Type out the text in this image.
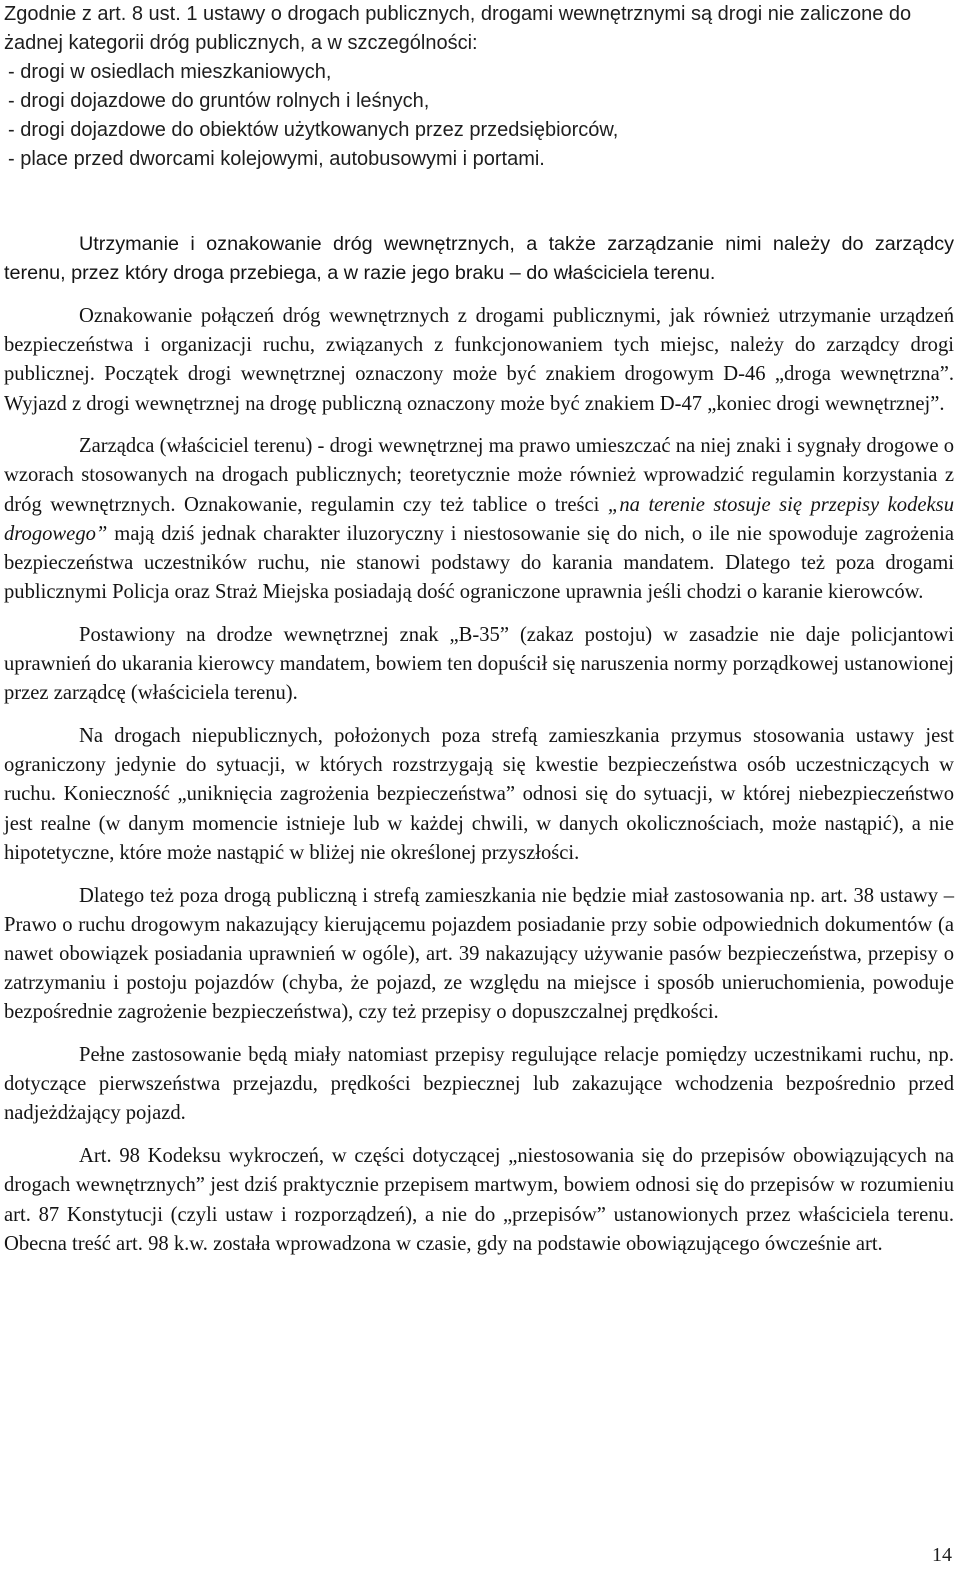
Zgodnie z art. 8 ust. 1 ustawy o drogach publicznych, drogami wewnętrznymi są drogi nie zaliczone do żadnej kategorii dróg publicznych, a w szczególności:

- drogi w osiedlach mieszkaniowych,

- drogi dojazdowe do gruntów rolnych i leśnych,

- drogi dojazdowe do obiektów użytkowanych przez przedsiębiorców,

- place przed dworcami kolejowymi, autobusowymi i portami.

Utrzymanie i oznakowanie dróg wewnętrznych, a także zarządzanie nimi należy do zarządcy terenu, przez który droga przebiega, a w razie jego braku – do właściciela terenu.

Oznakowanie połączeń dróg wewnętrznych z drogami publicznymi, jak również utrzymanie urządzeń bezpieczeństwa i organizacji ruchu, związanych z funkcjonowaniem tych miejsc, należy do zarządcy drogi publicznej. Początek drogi wewnętrznej oznaczony może być znakiem drogowym D-46 „droga wewnętrzna”. Wyjazd z drogi wewnętrznej na drogę publiczną oznaczony może być znakiem D-47 „koniec drogi wewnętrznej”.

Zarządca (właściciel terenu) - drogi wewnętrznej ma prawo umieszczać na niej znaki i sygnały drogowe o wzorach stosowanych na drogach publicznych; teoretycznie może również wprowadzić regulamin korzystania z dróg wewnętrznych. Oznakowanie, regulamin czy też tablice o treści „na terenie stosuje się przepisy kodeksu drogowego” mają dziś jednak charakter iluzoryczny i niestosowanie się do nich, o ile nie spowoduje zagrożenia bezpieczeństwa uczestników ruchu, nie stanowi podstawy do karania mandatem. Dlatego też poza drogami publicznymi Policja oraz Straż Miejska posiadają dość ograniczone uprawnia jeśli chodzi o karanie kierowców.

Postawiony na drodze wewnętrznej znak „B-35” (zakaz postoju) w zasadzie nie daje policjantowi uprawnień do ukarania kierowcy mandatem, bowiem ten dopuścił się naruszenia normy porządkowej ustanowionej przez zarządcę (właściciela terenu).

Na drogach niepublicznych, położonych poza strefą zamieszkania przymus stosowania ustawy jest ograniczony jedynie do sytuacji, w których rozstrzygają się kwestie bezpieczeństwa osób uczestniczących w ruchu. Konieczność „uniknięcia zagrożenia bezpieczeństwa” odnosi się do sytuacji, w której niebezpieczeństwo jest realne (w danym momencie istnieje lub w każdej chwili, w danych okolicznościach, może nastąpić), a nie hipotetyczne, które może nastąpić w bliżej nie określonej przyszłości.

Dlatego też poza drogą publiczną i strefą zamieszkania nie będzie miał zastosowania np. art. 38 ustawy – Prawo o ruchu drogowym nakazujący kierującemu pojazdem posiadanie przy sobie odpowiednich dokumentów (a nawet obowiązek posiadania uprawnień w ogóle), art. 39 nakazujący używanie pasów bezpieczeństwa, przepisy o zatrzymaniu i postoju pojazdów (chyba, że pojazd, ze względu na miejsce i sposób unieruchomienia, powoduje bezpośrednie zagrożenie bezpieczeństwa), czy też przepisy o dopuszczalnej prędkości.

Pełne zastosowanie będą miały natomiast przepisy regulujące relacje pomiędzy uczestnikami ruchu, np. dotyczące pierwszeństwa przejazdu, prędkości bezpiecznej lub zakazujące wchodzenia bezpośrednio przed nadjeżdżający pojazd.

Art. 98 Kodeksu wykroczeń, w części dotyczącej „niestosowania się do przepisów obowiązujących na drogach wewnętrznych” jest dziś praktycznie przepisem martwym, bowiem odnosi się do przepisów w rozumieniu art. 87 Konstytucji (czyli ustaw i rozporządzeń), a nie do „przepisów” ustanowionych przez właściciela terenu. Obecna treść art. 98 k.w. została wprowadzona w czasie, gdy na podstawie obowiązującego ówcześnie art.

14
